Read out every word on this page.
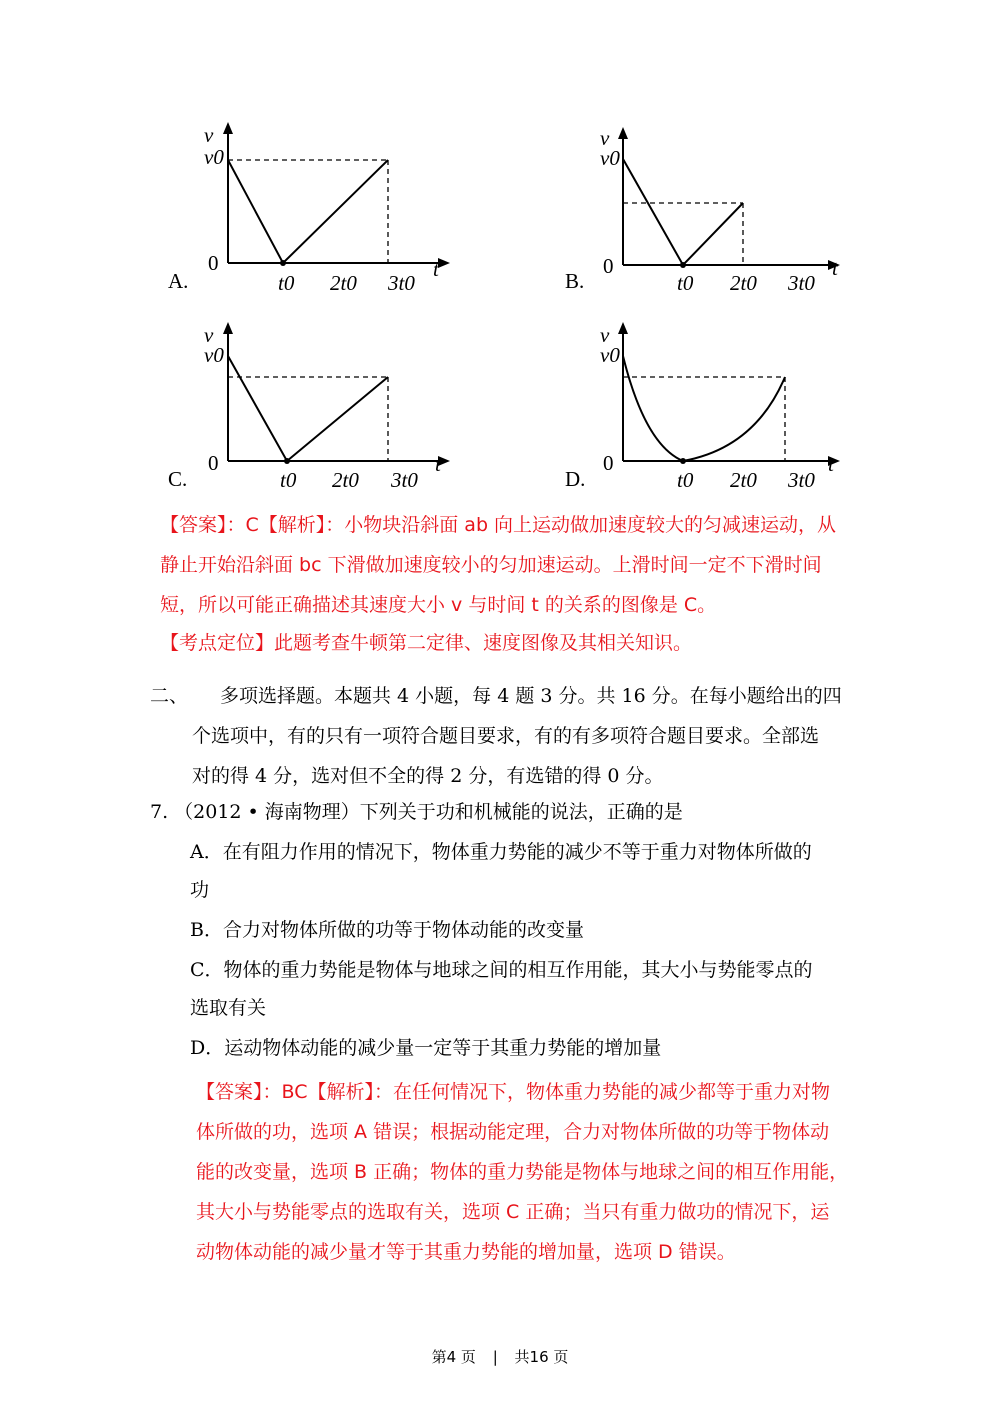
v
v0
0
t0 2t0 3t0
t
A.
v
v0
0
t0 2t0 3t0
t
B.
v
v0
0
t0 2t0 3t0
t
C.
v
v0
0
t0 2t0 3t0
t
D.
【答案】：C【解析】：小物块沿斜面 ab 向上运动做加速度较大的匀减速运动，从
静止开始沿斜面 bc 下滑做加速度较小的匀加速运动。上滑时间一定不下滑时间
短，所以可能正确描述其速度大小 v 与时间 t 的关系的图像是 C。
【考点定位】此题考查牛顿第二定律、速度图像及其相关知识。
二、 多项选择题。本题共 4 小题，每 4 题 3 分。共 16 分。在每小题给出的四
个选项中，有的只有一项符合题目要求，有的有多项符合题目要求。全部选
对的得 4 分，选对但不全的得 2 分，有选错的得 0 分。
7. （2012 • 海南物理）下列关于功和机械能的说法，正确的是
A．在有阻力作用的情况下，物体重力势能的减少不等于重力对物体所做的
功
B．合力对物体所做的功等于物体动能的改变量
C．物体的重力势能是物体与地球之间的相互作用能，其大小与势能零点的
选取有关
D．运动物体动能的减少量一定等于其重力势能的增加量
【答案】：BC【解析】：在任何情况下，物体重力势能的减少都等于重力对物
体所做的功，选项 A 错误；根据动能定理，合力对物体所做的功等于物体动
能的改变量，选项 B 正确；物体的重力势能是物体与地球之间的相互作用能，
其大小与势能零点的选取有关，选项 C 正确；当只有重力做功的情况下，运
动物体动能的减少量才等于其重力势能的增加量，选项 D 错误。
第4 页 | 共16 页
